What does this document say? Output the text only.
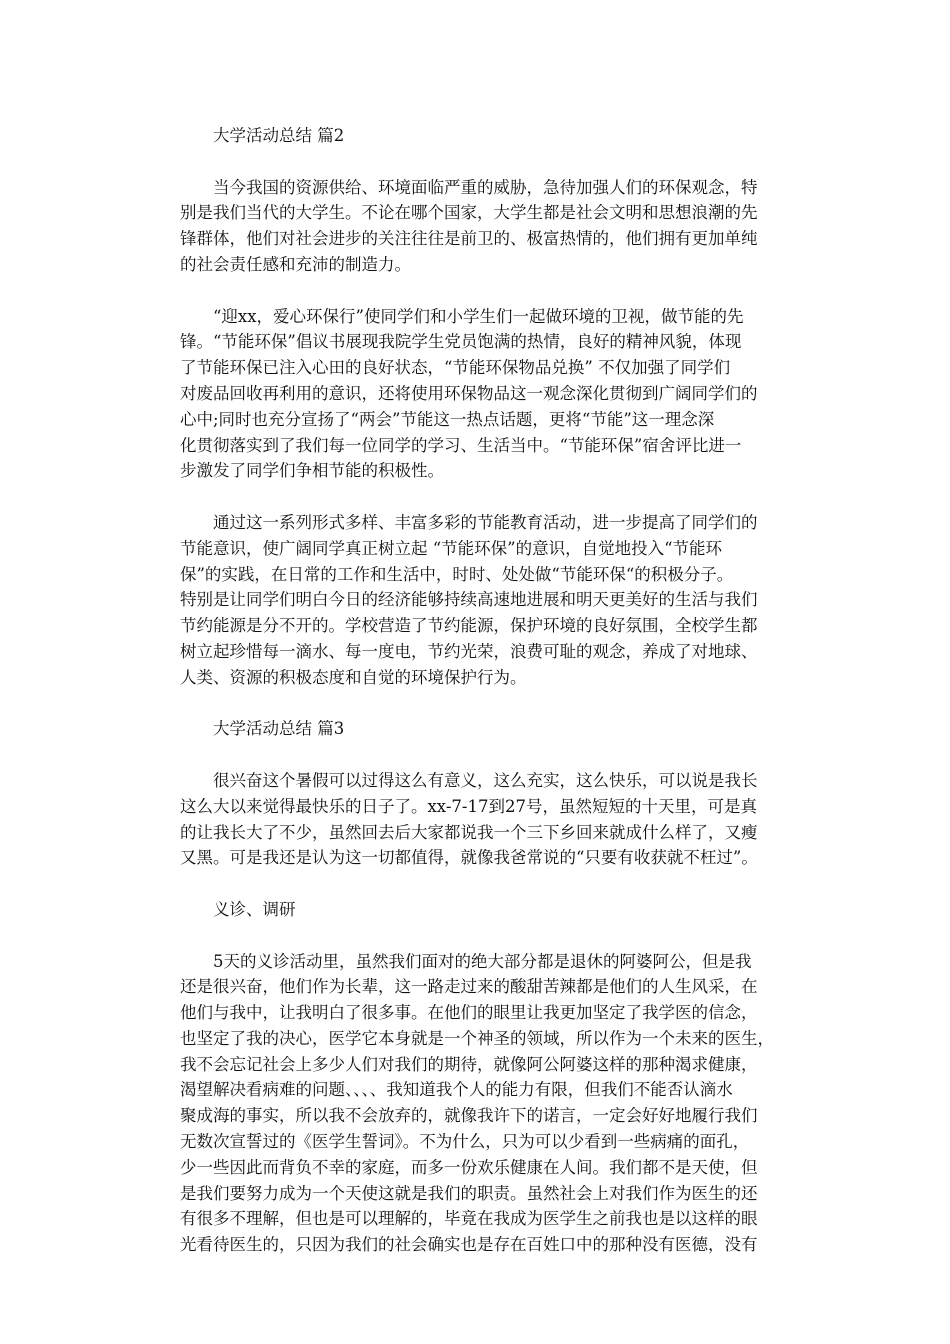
　　大学活动总结 篇2
　　当今我国的资源供给、环境面临严重的威胁，急待加强人们的环保观念，特
别是我们当代的大学生。不论在哪个国家，大学生都是社会文明和思想浪潮的先
锋群体，他们对社会进步的关注往往是前卫的、极富热情的，他们拥有更加单纯
的社会责任感和充沛的制造力。
　　“迎xx，爱心环保行”使同学们和小学生们一起做环境的卫视，做节能的先
锋。“节能环保”倡议书展现我院学生党员饱满的热情，良好的精神风貌，体现
了节能环保已注入心田的良好状态，“节能环保物品兑换” 不仅加强了同学们
对废品回收再利用的意识，还将使用环保物品这一观念深化贯彻到广阔同学们的
心中;同时也充分宣扬了“两会”节能这一热点话题，更将“节能”这一理念深
化贯彻落实到了我们每一位同学的学习、生活当中。“节能环保”宿舍评比进一
步激发了同学们争相节能的积极性。
　　通过这一系列形式多样、丰富多彩的节能教育活动，进一步提高了同学们的
节能意识，使广阔同学真正树立起 “节能环保”的意识，自觉地投入“节能环
保”的实践，在日常的工作和生活中，时时、处处做“节能环保“的积极分子。
特别是让同学们明白今日的经济能够持续高速地进展和明天更美好的生活与我们
节约能源是分不开的。学校营造了节约能源，保护环境的良好氛围，全校学生都
树立起珍惜每一滴水、每一度电，节约光荣，浪费可耻的观念，养成了对地球、
人类、资源的积极态度和自觉的环境保护行为。
　　大学活动总结 篇3
　　很兴奋这个暑假可以过得这么有意义，这么充实，这么快乐，可以说是我长
这么大以来觉得最快乐的日子了。xx-7-17到27号，虽然短短的十天里，可是真
的让我长大了不少，虽然回去后大家都说我一个三下乡回来就成什么样了，又瘦
又黑。可是我还是认为这一切都值得，就像我爸常说的“只要有收获就不枉过”。
　　义诊、调研
　　5天的义诊活动里，虽然我们面对的绝大部分都是退休的阿婆阿公，但是我
还是很兴奋，他们作为长辈，这一路走过来的酸甜苦辣都是他们的人生风采，在
他们与我中，让我明白了很多事。在他们的眼里让我更加坚定了我学医的信念，
也坚定了我的决心，医学它本身就是一个神圣的领域，所以作为一个未来的医生，
我不会忘记社会上多少人们对我们的期待，就像阿公阿婆这样的那种渴求健康，
渴望解决看病难的问题、、、、我知道我个人的能力有限，但我们不能否认滴水
聚成海的事实，所以我不会放弃的，就像我许下的诺言，一定会好好地履行我们
无数次宣誓过的《医学生誓词》。不为什么，只为可以少看到一些病痛的面孔，
少一些因此而背负不幸的家庭，而多一份欢乐健康在人间。我们都不是天使，但
是我们要努力成为一个天使这就是我们的职责。虽然社会上对我们作为医生的还
有很多不理解，但也是可以理解的，毕竟在我成为医学生之前我也是以这样的眼
光看待医生的，只因为我们的社会确实也是存在百姓口中的那种没有医德，没有
